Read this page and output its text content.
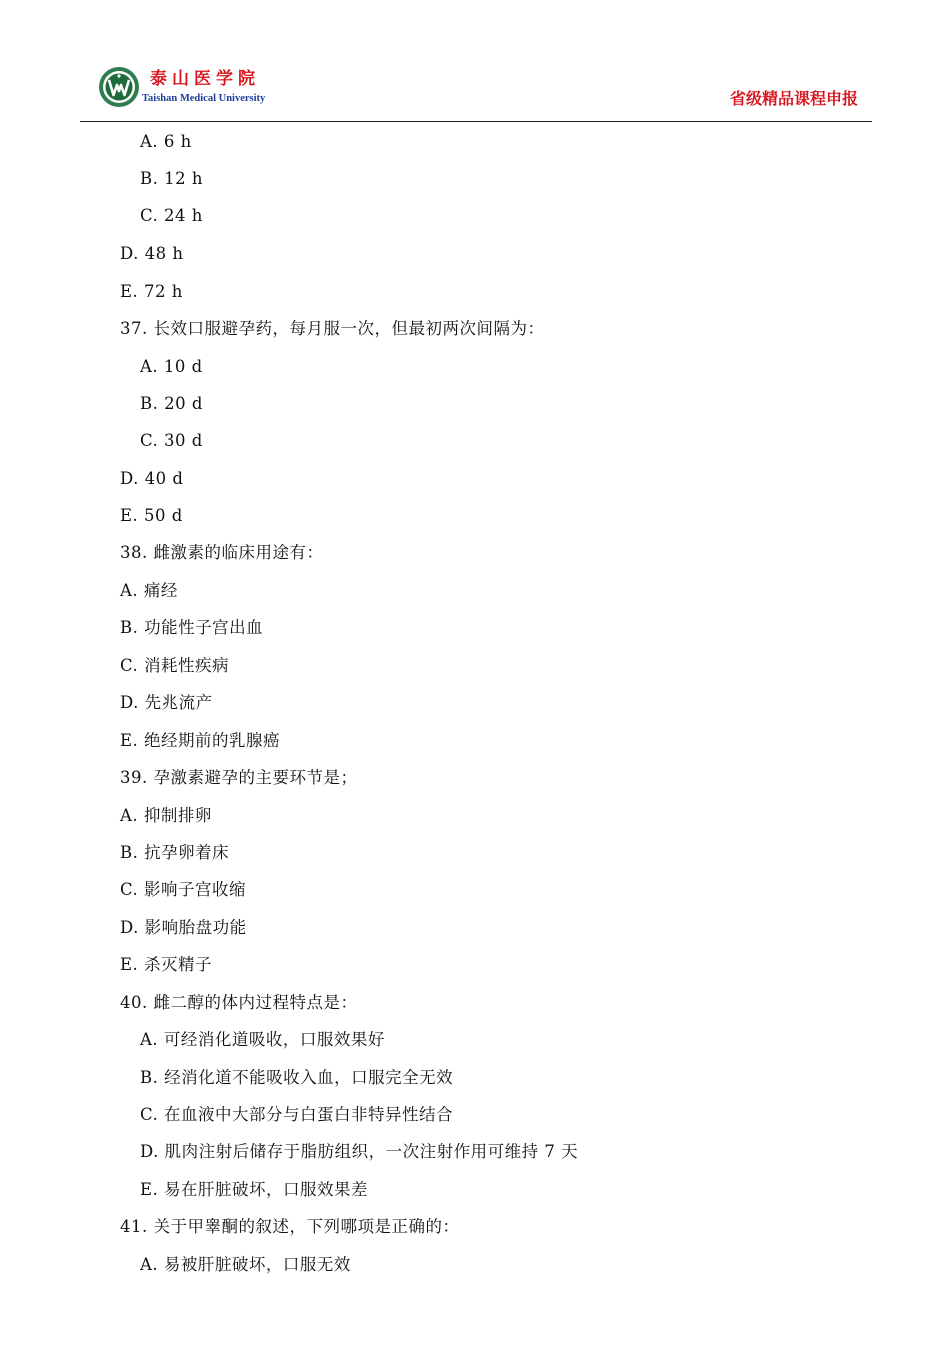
泰山医学院
Taishan Medical University	省级精品课程申报
A. 6 h
B. 12 h
C. 24 h
D. 48 h
E. 72 h
37. 长效口服避孕药，每月服一次，但最初两次间隔为：
A. 10 d
B. 20 d
C. 30 d
D. 40 d
E. 50 d
38. 雌激素的临床用途有：
A. 痛经
B. 功能性子宫出血
C. 消耗性疾病
D. 先兆流产
E. 绝经期前的乳腺癌
39. 孕激素避孕的主要环节是；
A. 抑制排卵
B. 抗孕卵着床
C. 影响子宫收缩
D. 影响胎盘功能
E. 杀灭精子
40. 雌二醇的体内过程特点是：
A. 可经消化道吸收，口服效果好
B. 经消化道不能吸收入血，口服完全无效
C. 在血液中大部分与白蛋白非特异性结合
D. 肌肉注射后储存于脂肪组织，一次注射作用可维持 7 天
E. 易在肝脏破坏，口服效果差
41. 关于甲睾酮的叙述，下列哪项是正确的：
A. 易被肝脏破坏，口服无效
